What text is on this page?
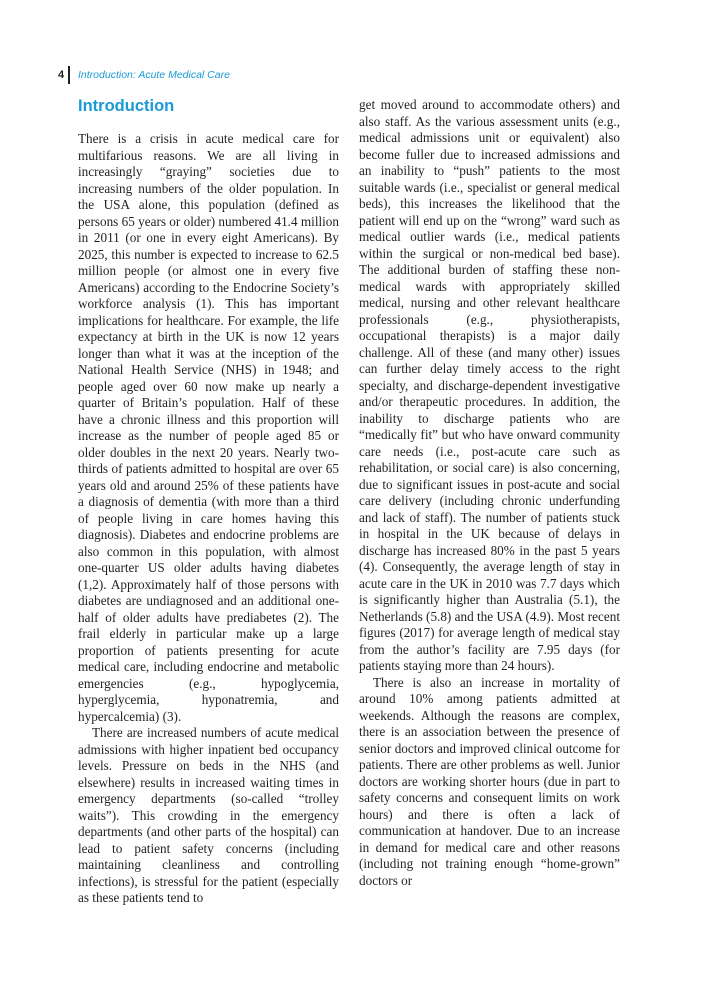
4	Introduction: Acute Medical Care
Introduction

There is a crisis in acute medical care for multifarious reasons. We are all living in increasingly “graying” societies due to increasing numbers of the older population. In the USA alone, this population (defined as persons 65 years or older) numbered 41.4 million in 2011 (or one in every eight Americans). By 2025, this number is expected to increase to 62.5 million people (or almost one in every five Americans) according to the Endocrine Society’s workforce analysis (1). This has important implications for healthcare. For example, the life expectancy at birth in the UK is now 12 years longer than what it was at the inception of the National Health Service (NHS) in 1948; and people aged over 60 now make up nearly a quarter of Britain’s population. Half of these have a chronic illness and this proportion will increase as the number of people aged 85 or older doubles in the next 20 years. Nearly two-thirds of patients admitted to hospital are over 65 years old and around 25% of these patients have a diagnosis of dementia (with more than a third of people living in care homes having this diagnosis). Diabetes and endocrine problems are also common in this population, with almost one-quarter US older adults having diabetes (1,2). Approximately half of those persons with diabetes are undiagnosed and an additional one-half of older adults have prediabetes (2). The frail elderly in particular make up a large proportion of patients presenting for acute medical care, including endocrine and metabolic emergencies (e.g., hypoglycemia, hyperglycemia, hyponatremia, and hypercalcemia) (3).

There are increased numbers of acute medical admissions with higher inpatient bed occupancy levels. Pressure on beds in the NHS (and elsewhere) results in increased waiting times in emergency departments (so-called “trolley waits”). This crowding in the emergency departments (and other parts of the hospital) can lead to patient safety concerns (including maintaining cleanliness and controlling infections), is stressful for the patient (especially as these patients tend to

get moved around to accommodate others) and also staff. As the various assessment units (e.g., medical admissions unit or equivalent) also become fuller due to increased admissions and an inability to “push” patients to the most suitable wards (i.e., specialist or general medical beds), this increases the likelihood that the patient will end up on the “wrong” ward such as medical outlier wards (i.e., medical patients within the surgical or non-medical bed base). The additional burden of staffing these non-medical wards with appropriately skilled medical, nursing and other relevant healthcare professionals (e.g., physiotherapists, occupational therapists) is a major daily challenge. All of these (and many other) issues can further delay timely access to the right specialty, and discharge-dependent investigative and/or therapeutic procedures. In addition, the inability to discharge patients who are “medically fit” but who have onward community care needs (i.e., post-acute care such as rehabilitation, or social care) is also concerning, due to significant issues in post-acute and social care delivery (including chronic underfunding and lack of staff). The number of patients stuck in hospital in the UK because of delays in discharge has increased 80% in the past 5 years (4). Consequently, the average length of stay in acute care in the UK in 2010 was 7.7 days which is significantly higher than Australia (5.1), the Netherlands (5.8) and the USA (4.9). Most recent figures (2017) for average length of medical stay from the author’s facility are 7.95 days (for patients staying more than 24 hours).

There is also an increase in mortality of around 10% among patients admitted at weekends. Although the reasons are complex, there is an association between the presence of senior doctors and improved clinical outcome for patients. There are other problems as well. Junior doctors are working shorter hours (due in part to safety concerns and consequent limits on work hours) and there is often a lack of communication at handover. Due to an increase in demand for medical care and other reasons (including not training enough “home-grown” doctors or
